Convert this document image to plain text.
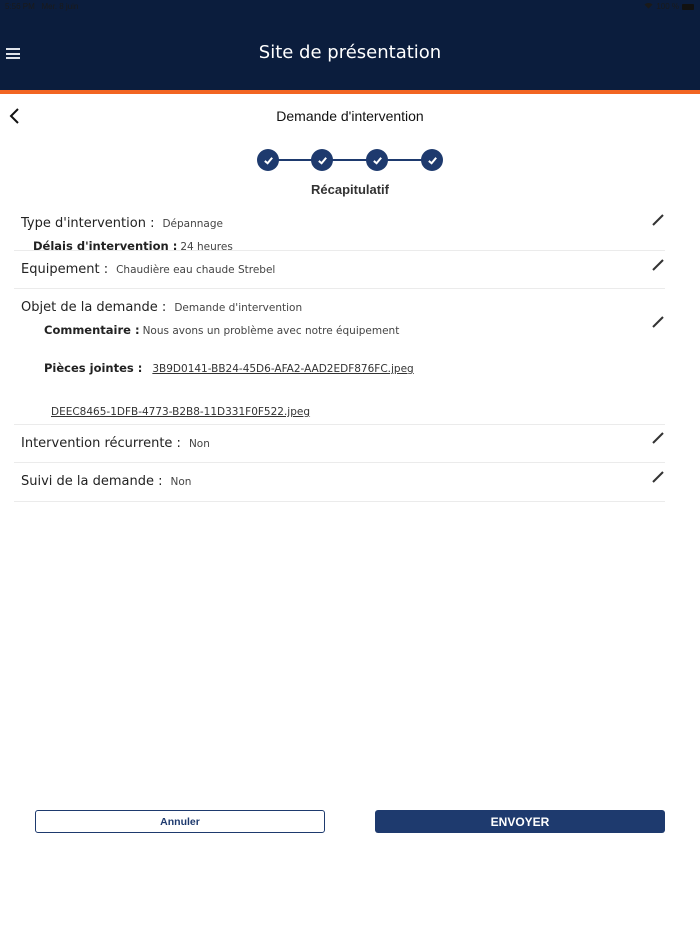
5:56 PM Mer. 8 juin	100 %
Site de présentation
Demande d'intervention
Récapitulatif
Type d'intervention : Dépannage
Délais d'intervention : 24 heures
Equipement : Chaudière eau chaude Strebel
Objet de la demande : Demande d'intervention
Commentaire : Nous avons un problème avec notre équipement
Pièces jointes : 3B9D0141-BB24-45D6-AFA2-AAD2EDF876FC.jpeg
DEEC8465-1DFB-4773-B2B8-11D331F0F522.jpeg
Intervention récurrente : Non
Suivi de la demande : Non
Annuler	ENVOYER
